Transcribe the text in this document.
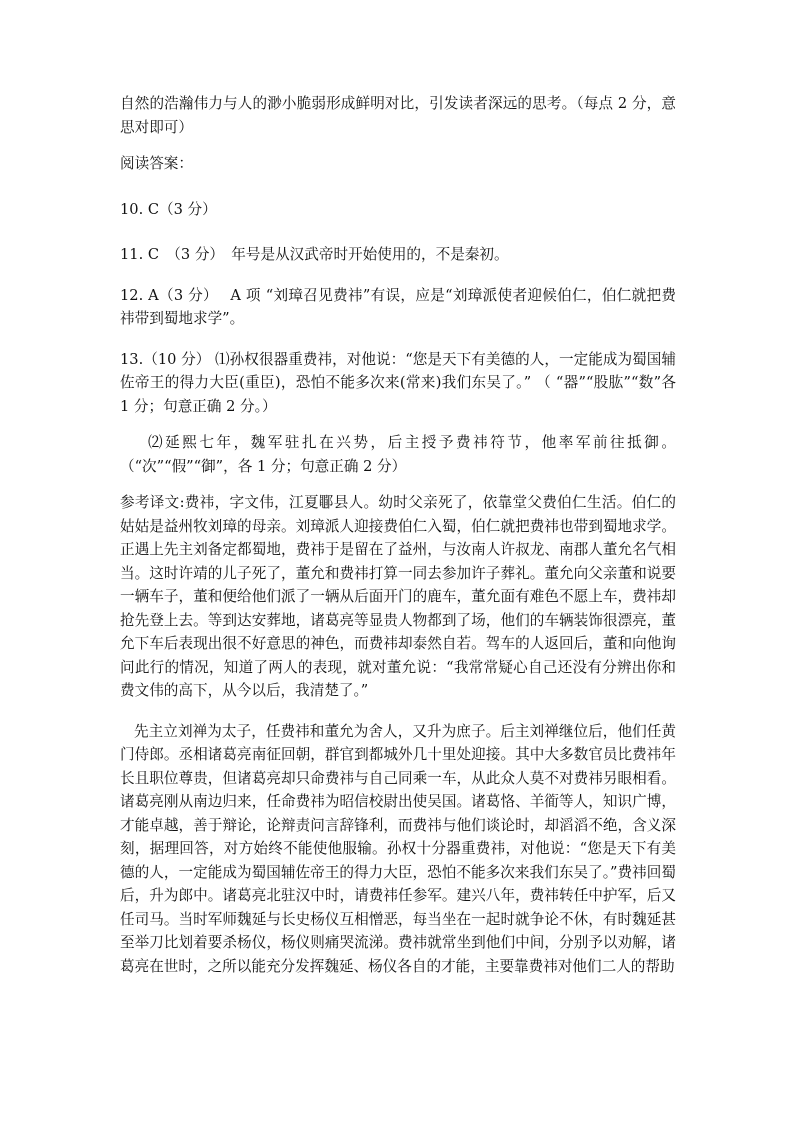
自然的浩瀚伟力与人的渺小脆弱形成鲜明对比，引发读者深远的思考。（每点 2 分，意思对即可）

阅读答案：

10. C（3 分）

11. C　（3 分）　年号是从汉武帝时开始使用的，不是秦初。

12. A（3 分）　 A 项 “刘璋召见费祎”有误，应是“刘璋派使者迎候伯仁，伯仁就把费祎带到蜀地求学”。

13.（10 分） ⑴孙权很器重费祎，对他说：“您是天下有美德的人，一定能成为蜀国辅佐帝王的得力大臣(重臣)，恐怕不能多次来(常来)我们东吴了。” （ “器”“股肱”“数”各 1 分；句意正确 2 分。）

⑵延熙七年，魏军驻扎在兴势，后主授予费祎符节，他率军前往抵御。（“次”“假”“御”，各 1 分；句意正确 2 分）

参考译文:费祎，字文伟，江夏鄳县人。幼时父亲死了，依靠堂父费伯仁生活。伯仁的姑姑是益州牧刘璋的母亲。刘璋派人迎接费伯仁入蜀，伯仁就把费祎也带到蜀地求学。正遇上先主刘备定都蜀地，费祎于是留在了益州，与汝南人许叔龙、南郡人董允名气相当。这时许靖的儿子死了，董允和费祎打算一同去参加许子葬礼。董允向父亲董和说要一辆车子，董和便给他们派了一辆从后面开门的鹿车，董允面有难色不愿上车，费祎却抢先登上去。等到达安葬地，诸葛亮等显贵人物都到了场，他们的车辆装饰很漂亮，董允下车后表现出很不好意思的神色，而费祎却泰然自若。驾车的人返回后，董和向他询问此行的情况，知道了两人的表现，就对董允说：“我常常疑心自己还没有分辨出你和费文伟的高下，从今以后，我清楚了。”

先主立刘禅为太子，任费祎和董允为舍人，又升为庶子。后主刘禅继位后，他们任黄门侍郎。丞相诸葛亮南征回朝，群官到都城外几十里处迎接。其中大多数官员比费祎年长且职位尊贵，但诸葛亮却只命费祎与自己同乘一车，从此众人莫不对费祎另眼相看。诸葛亮刚从南边归来，任命费祎为昭信校尉出使吴国。诸葛恪、羊衜等人，知识广博，才能卓越，善于辩论，论辩责问言辞锋利，而费祎与他们谈论时，却滔滔不绝，含义深刻，据理回答，对方始终不能使他服输。孙权十分器重费祎，对他说：“您是天下有美德的人，一定能成为蜀国辅佐帝王的得力大臣，恐怕不能多次来我们东吴了。”费祎回蜀后，升为郎中。诸葛亮北驻汉中时，请费祎任参军。建兴八年，费祎转任中护军，后又任司马。当时军师魏延与长史杨仪互相憎恶，每当坐在一起时就争论不休，有时魏延甚至举刀比划着要杀杨仪，杨仪则痛哭流涕。费祎就常坐到他们中间，分别予以劝解，诸葛亮在世时，之所以能充分发挥魏延、杨仪各自的才能，主要靠费祎对他们二人的帮助
